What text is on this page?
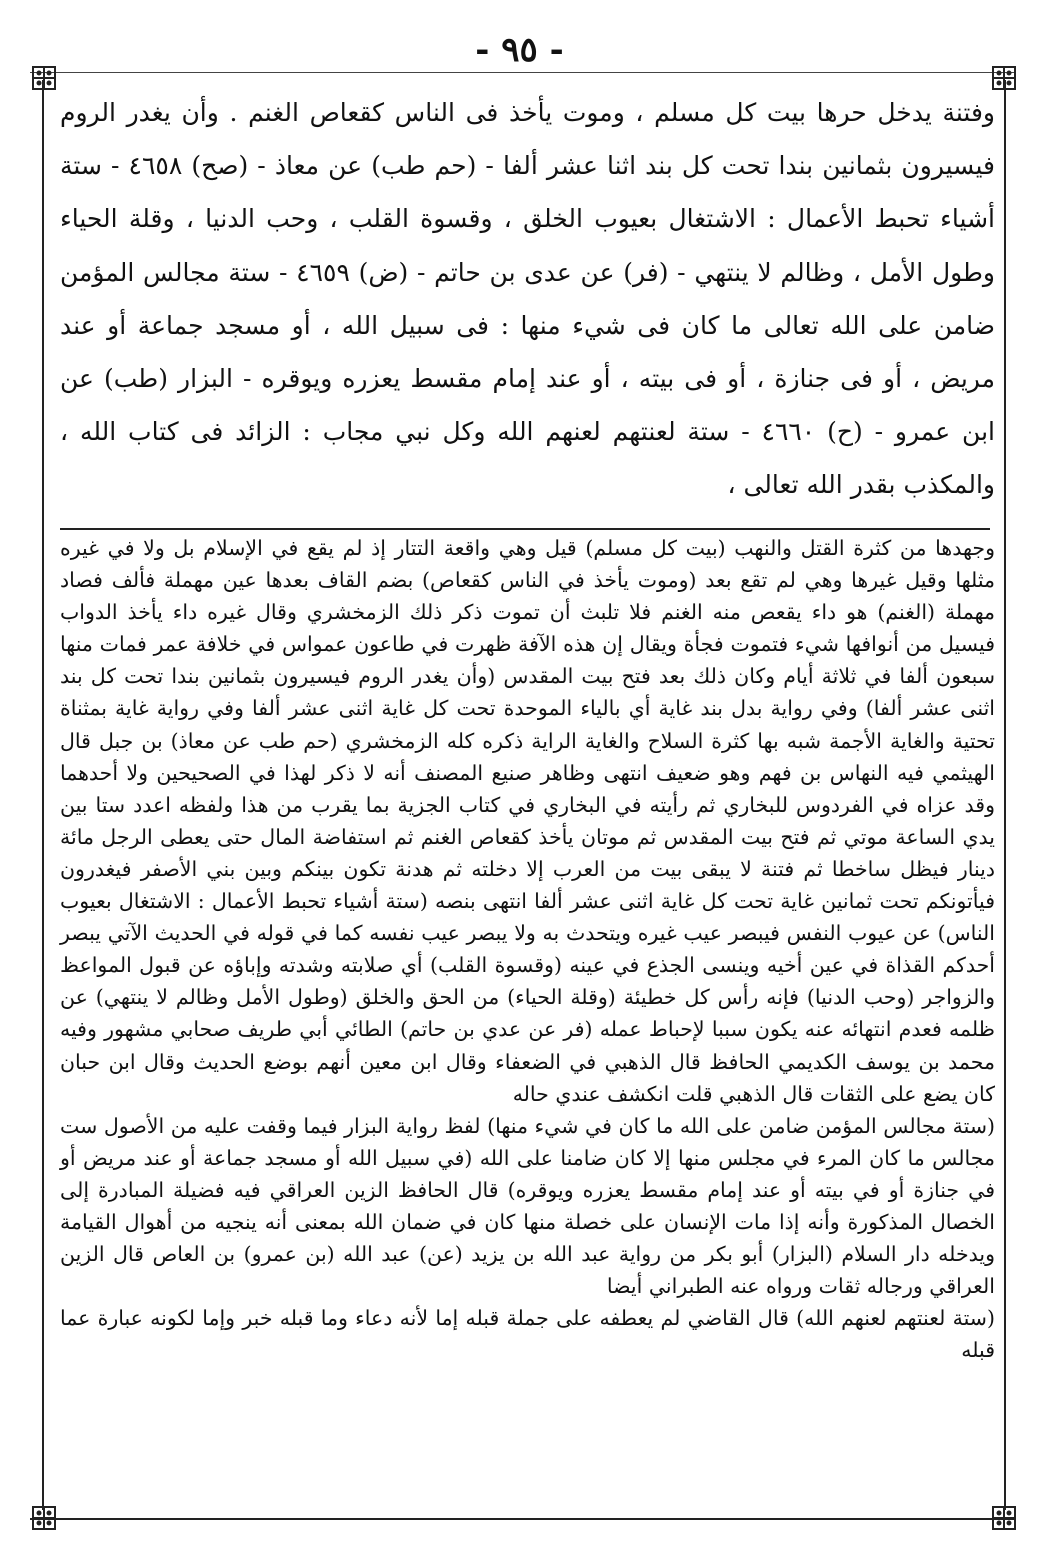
- ٩٥ -

وفتنة يدخل حرها بيت كل مسلم ، وموت يأخذ فى الناس كقعاص الغنم . وأن يغدر الروم فيسيرون بثمانين بندا تحت كل بند اثنا عشر ألفا - (حم طب) عن معاذ - (صح) ٤٦٥٨ - ستة أشياء تحبط الأعمال : الاشتغال بعيوب الخلق ، وقسوة القلب ، وحب الدنيا ، وقلة الحياء وطول الأمل ، وظالم لا ينتهي - (فر) عن عدى بن حاتم - (ض) ٤٦٥٩ - ستة مجالس المؤمن ضامن على الله تعالى ما كان فى شيء منها : فى سبيل الله ، أو مسجد جماعة أو عند مريض ، أو فى جنازة ، أو فى بيته ، أو عند إمام مقسط يعزره ويوقره - البزار (طب) عن ابن عمرو - (ح) ٤٦٦٠ - ستة لعنتهم لعنهم الله وكل نبي مجاب : الزائد فى كتاب الله ، والمكذب بقدر الله تعالى ،

وجهدها من كثرة القتل والنهب (بيت كل مسلم) قيل وهي واقعة التتار إذ لم يقع في الإسلام بل ولا في غيره مثلها وقيل غيرها وهي لم تقع بعد (وموت يأخذ في الناس كقعاص) بضم القاف بعدها عين مهملة فألف فصاد مهملة (الغنم) هو داء يقعص منه الغنم فلا تلبث أن تموت ذكر ذلك الزمخشري وقال غيره داء يأخذ الدواب فيسيل من أنوافها شيء فتموت فجأة ويقال إن هذه الآفة ظهرت في طاعون عمواس في خلافة عمر فمات منها سبعون ألفا في ثلاثة أيام وكان ذلك بعد فتح بيت المقدس (وأن يغدر الروم فيسيرون بثمانين بندا تحت كل بند اثنى عشر ألفا) وفي رواية بدل بند غاية أي بالياء الموحدة تحت كل غاية اثنى عشر ألفا وفي رواية غاية بمثناة تحتية والغاية الأجمة شبه بها كثرة السلاح والغاية الراية ذكره كله الزمخشري (حم طب عن معاذ) بن جبل قال الهيثمي فيه النهاس بن فهم وهو ضعيف انتهى وظاهر صنيع المصنف أنه لا ذكر لهذا في الصحيحين ولا أحدهما وقد عزاه في الفردوس للبخاري ثم رأيته في البخاري في كتاب الجزية بما يقرب من هذا ولفظه اعدد ستا بين يدي الساعة موتي ثم فتح بيت المقدس ثم موتان يأخذ كقعاص الغنم ثم استفاضة المال حتى يعطى الرجل مائة دينار فيظل ساخطا ثم فتنة لا يبقى بيت من العرب إلا دخلته ثم هدنة تكون بينكم وبين بني الأصفر فيغدرون فيأتونكم تحت ثمانين غاية تحت كل غاية اثنى عشر ألفا انتهى بنصه (ستة أشياء تحبط الأعمال : الاشتغال بعيوب الناس) عن عيوب النفس فيبصر عيب غيره ويتحدث به ولا يبصر عيب نفسه كما في قوله في الحديث الآتي يبصر أحدكم القذاة في عين أخيه وينسى الجذع في عينه (وقسوة القلب) أي صلابته وشدته وإباؤه عن قبول المواعظ والزواجر (وحب الدنيا) فإنه رأس كل خطيئة (وقلة الحياء) من الحق والخلق (وطول الأمل وظالم لا ينتهي) عن ظلمه فعدم انتهائه عنه يكون سببا لإحباط عمله (فر عن عدي بن حاتم) الطائي أبي طريف صحابي مشهور وفيه محمد بن يوسف الكديمي الحافظ قال الذهبي في الضعفاء وقال ابن معين أنهم بوضع الحديث وقال ابن حبان كان يضع على الثقات قال الذهبي قلت انكشف عندي حاله

(ستة مجالس المؤمن ضامن على الله ما كان في شيء منها) لفظ رواية البزار فيما وقفت عليه من الأصول ست مجالس ما كان المرء في مجلس منها إلا كان ضامنا على الله (في سبيل الله أو مسجد جماعة أو عند مريض أو في جنازة أو في بيته أو عند إمام مقسط يعزره ويوقره) قال الحافظ الزين العراقي فيه فضيلة المبادرة إلى الخصال المذكورة وأنه إذا مات الإنسان على خصلة منها كان في ضمان الله بمعنى أنه ينجيه من أهوال القيامة ويدخله دار السلام (البزار) أبو بكر من رواية عبد الله بن يزيد (عن) عبد الله (بن عمرو) بن العاص قال الزين العراقي ورجاله ثقات ورواه عنه الطبراني أيضا

(ستة لعنتهم لعنهم الله) قال القاضي لم يعطفه على جملة قبله إما لأنه دعاء وما قبله خبر وإما لكونه عبارة عما قبله
